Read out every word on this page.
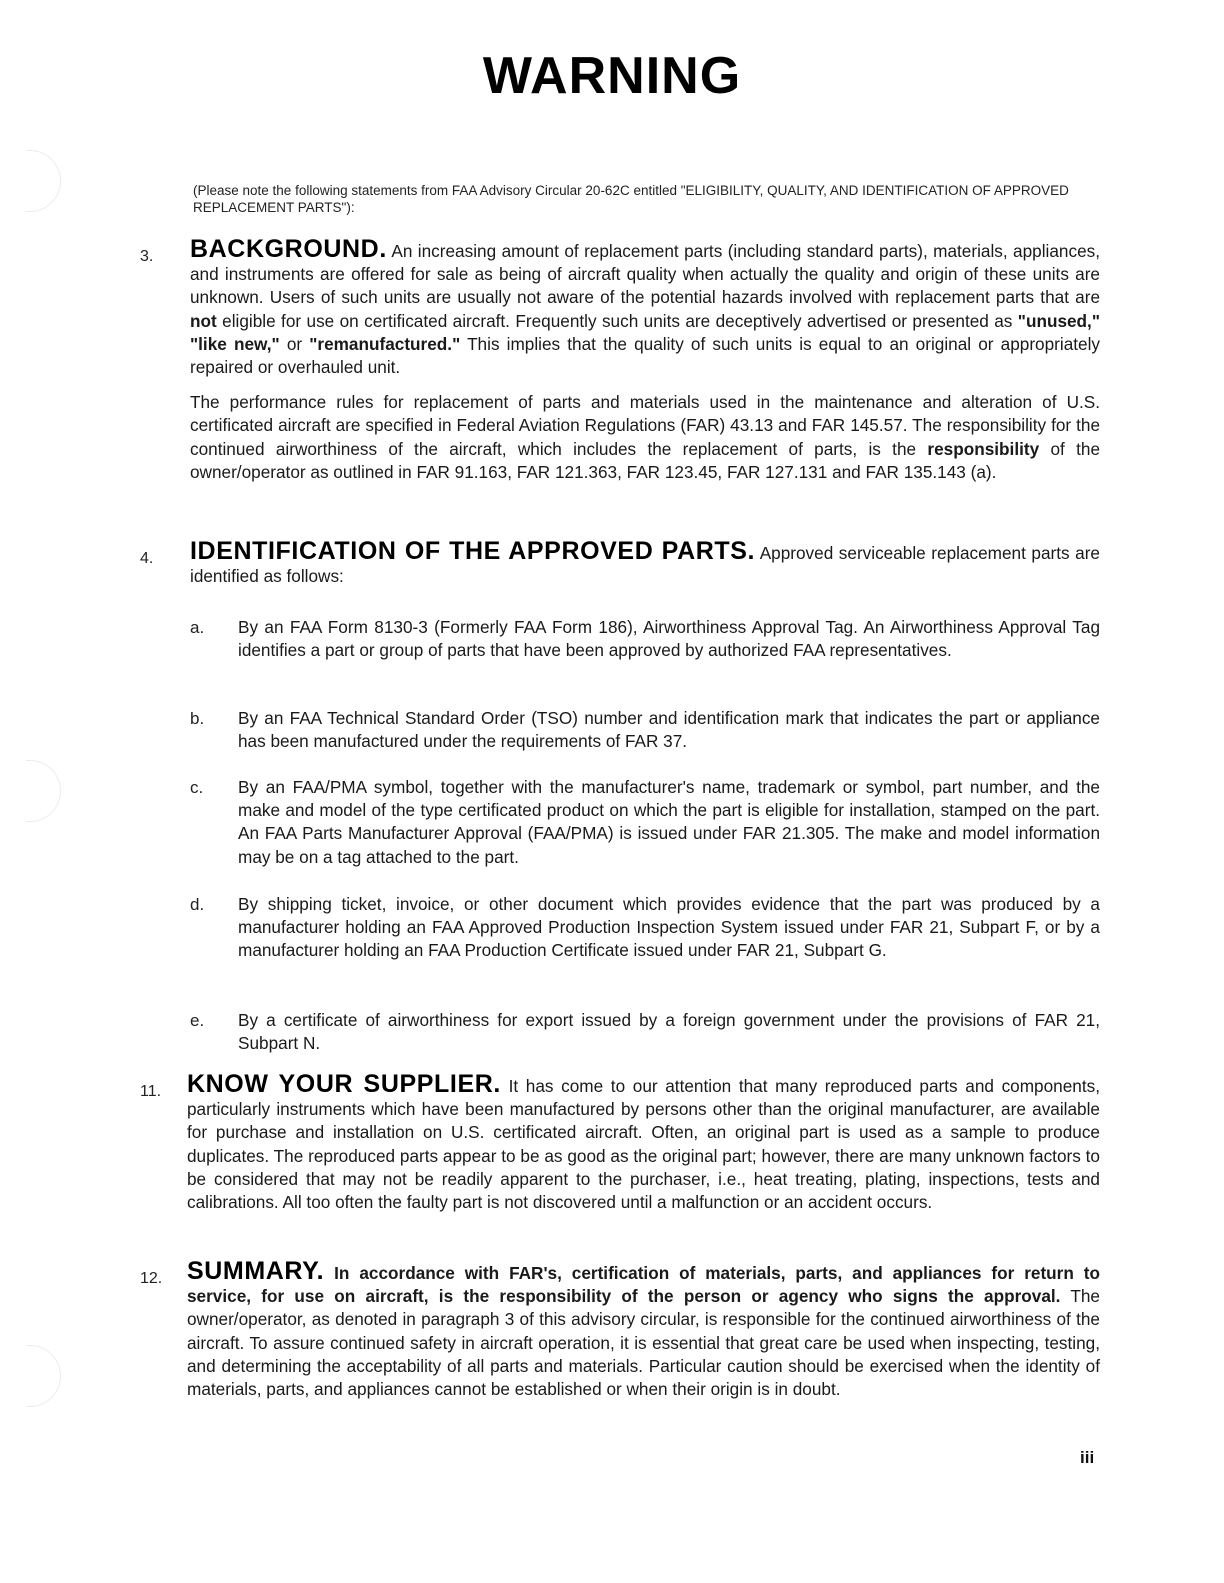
WARNING
(Please note the following statements from FAA Advisory Circular 20-62C entitled "ELIGIBILITY, QUALITY, AND IDENTIFICATION OF APPROVED REPLACEMENT PARTS"):
3. BACKGROUND. An increasing amount of replacement parts (including standard parts), materials, appliances, and instruments are offered for sale as being of aircraft quality when actually the quality and origin of these units are unknown. Users of such units are usually not aware of the potential hazards involved with replacement parts that are not eligible for use on certificated aircraft. Frequently such units are deceptively advertised or presented as "unused," "like new," or "remanufactured." This implies that the quality of such units is equal to an original or appropriately repaired or overhauled unit.
The performance rules for replacement of parts and materials used in the maintenance and alteration of U.S. certificated aircraft are specified in Federal Aviation Regulations (FAR) 43.13 and FAR 145.57. The responsibility for the continued airworthiness of the aircraft, which includes the replacement of parts, is the responsibility of the owner/operator as outlined in FAR 91.163, FAR 121.363, FAR 123.45, FAR 127.131 and FAR 135.143 (a).
4. IDENTIFICATION OF THE APPROVED PARTS. Approved serviceable replacement parts are identified as follows:
a. By an FAA Form 8130-3 (Formerly FAA Form 186), Airworthiness Approval Tag. An Airworthiness Approval Tag identifies a part or group of parts that have been approved by authorized FAA representatives.

b. By an FAA Technical Standard Order (TSO) number and identification mark that indicates the part or appliance has been manufactured under the requirements of FAR 37.

c. By an FAA/PMA symbol, together with the manufacturer's name, trademark or symbol, part number, and the make and model of the type certificated product on which the part is eligible for installation, stamped on the part. An FAA Parts Manufacturer Approval (FAA/PMA) is issued under FAR 21.305. The make and model information may be on a tag attached to the part.

d. By shipping ticket, invoice, or other document which provides evidence that the part was produced by a manufacturer holding an FAA Approved Production Inspection System issued under FAR 21, Subpart F, or by a manufacturer holding an FAA Production Certificate issued under FAR 21, Subpart G.

e. By a certificate of airworthiness for export issued by a foreign government under the provisions of FAR 21, Subpart N.

11. KNOW YOUR SUPPLIER. It has come to our attention that many reproduced parts and components, particularly instruments which have been manufactured by persons other than the original manufacturer, are available for purchase and installation on U.S. certificated aircraft. Often, an original part is used as a sample to produce duplicates. The reproduced parts appear to be as good as the original part; however, there are many unknown factors to be considered that may not be readily apparent to the purchaser, i.e., heat treating, plating, inspections, tests and calibrations. All too often the faulty part is not discovered until a malfunction or an accident occurs.
12. SUMMARY. In accordance with FAR's, certification of materials, parts, and appliances for return to service, for use on aircraft, is the responsibility of the person or agency who signs the approval. The owner/operator, as denoted in paragraph 3 of this advisory circular, is responsible for the continued airworthiness of the aircraft. To assure continued safety in aircraft operation, it is essential that great care be used when inspecting, testing, and determining the acceptability of all parts and materials. Particular caution should be exercised when the identity of materials, parts, and appliances cannot be established or when their origin is in doubt.
iii
